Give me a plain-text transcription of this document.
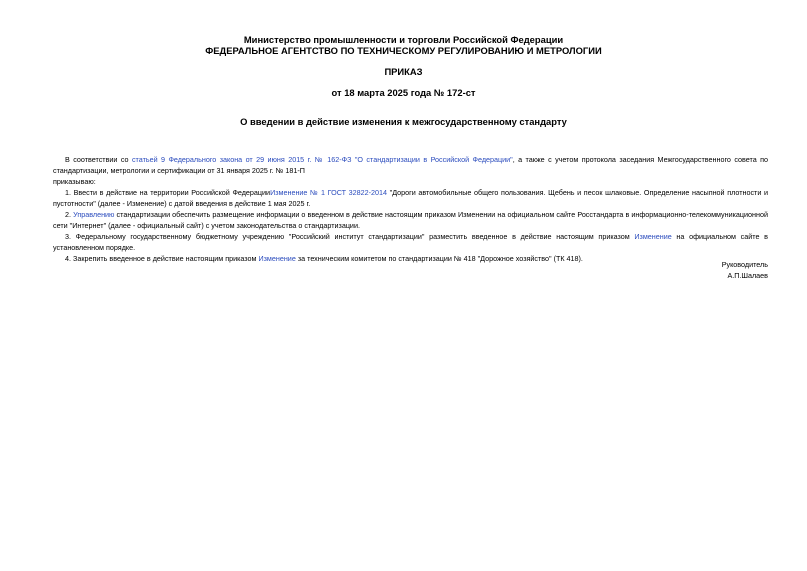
Министерство промышленности и торговли Российской Федерации
ФЕДЕРАЛЬНОЕ АГЕНТСТВО ПО ТЕХНИЧЕСКОМУ РЕГУЛИРОВАНИЮ И МЕТРОЛОГИИ
ПРИКАЗ
от 18 марта 2025 года № 172-ст
О введении в действие изменения к межгосударственному стандарту

В соответствии со статьей 9 Федерального закона от 29 июня 2015 г. № 162-ФЗ "О стандартизации в Российской Федерации", а также с учетом протокола заседания Межгосударственного совета по стандартизации, метрологии и сертификации от 31 января 2025 г. № 181-П

приказываю:

1. Ввести в действие на территории Российской ФедерацииИзменение № 1 ГОСТ 32822-2014 "Дороги автомобильные общего пользования. Щебень и песок шлаковые. Определение насыпной плотности и пустотности" (далее - Изменение) с датой введения в действие 1 мая 2025 г.

2. Управлению стандартизации обеспечить размещение информации о введенном в действие настоящим приказом Изменении на официальном сайте Росстандарта в информационно-телекоммуникационной сети "Интернет" (далее - официальный сайт) с учетом законодательства о стандартизации.

3. Федеральному государственному бюджетному учреждению "Российский институт стандартизации" разместить введенное в действие настоящим приказом Изменение на официальном сайте в установленном порядке.

4. Закрепить введенное в действие настоящим приказом Изменение за техническим комитетом по стандартизации № 418 "Дорожное хозяйство" (ТК 418).

Руководитель
А.П.Шалаев
